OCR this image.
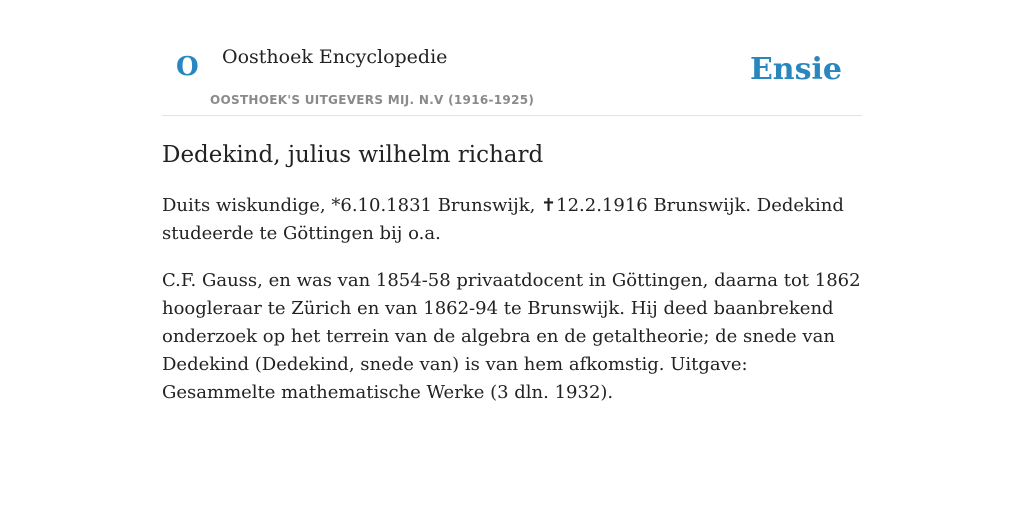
O Oosthoek Encyclopedie
OOSTHOEK'S UITGEVERS MIJ. N.V (1916-1925)
Ensie
Dedekind, julius wilhelm richard

Duits wiskundige, *6.10.1831 Brunswijk, ✝12.2.1916 Brunswijk. Dedekind studeerde te Göttingen bij o.a.

C.F. Gauss, en was van 1854-58 privaatdocent in Göttingen, daarna tot 1862 hoogleraar te Zürich en van 1862-94 te Brunswijk. Hij deed baanbrekend onderzoek op het terrein van de algebra en de getaltheorie; de snede van Dedekind (Dedekind, snede van) is van hem afkomstig. Uitgave: Gesammelte mathematische Werke (3 dln. 1932).
